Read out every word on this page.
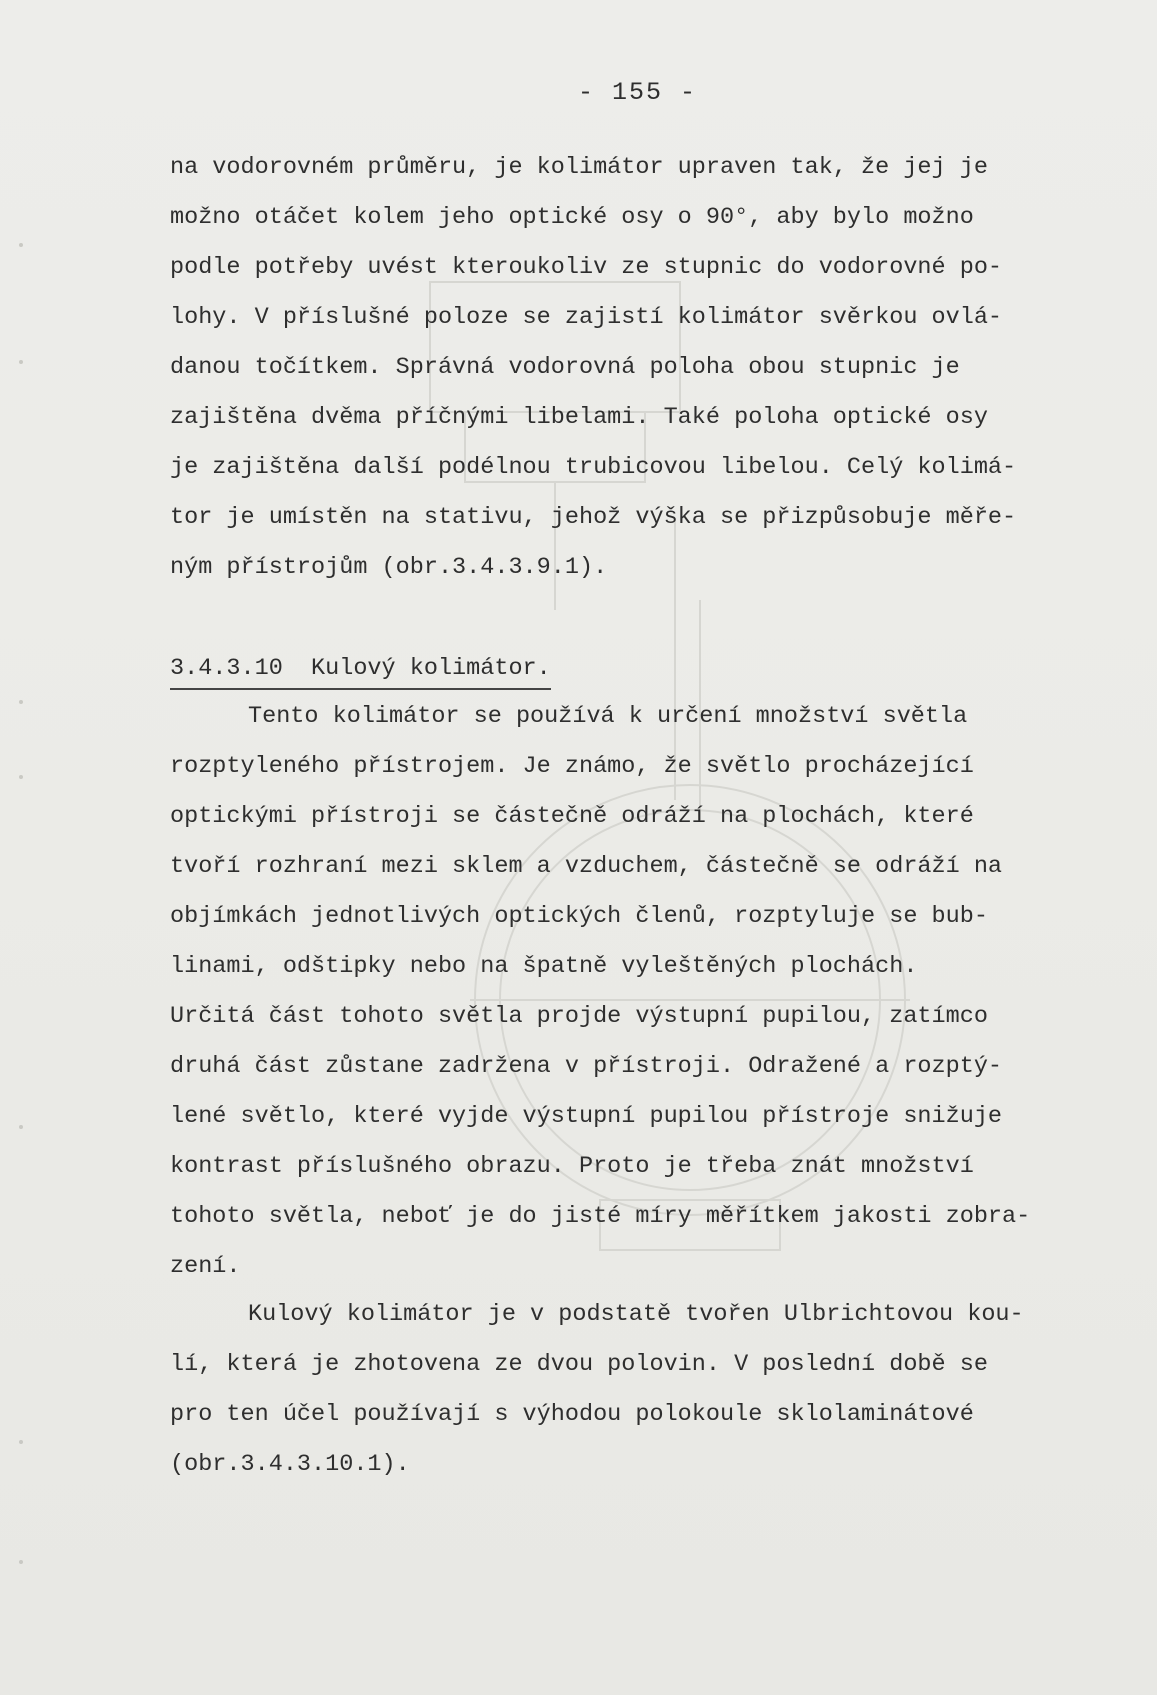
- 155 -
na vodorovném průměru, je kolimátor upraven tak, že jej je
možno otáčet kolem jeho optické osy o 90°, aby bylo možno
podle potřeby uvést kteroukoliv ze stupnic do vodorovné po-
lohy. V příslušné poloze se zajistí kolimátor svěrkou ovlá-
danou točítkem. Správná vodorovná poloha obou stupnic je
zajištěna dvěma příčnými libelami. Také poloha optické osy
je zajištěna další podélnou trubicovou libelou. Celý kolimá-
tor je umístěn na stativu, jehož výška se přizpůsobuje měře-
ným přístrojům (obr.3.4.3.9.1).
3.4.3.10  Kulový kolimátor.
Tento kolimátor se používá k určení množství světla
rozptyleného přístrojem. Je známo, že světlo procházející
optickými přístroji se částečně odráží na plochách, které
tvoří rozhraní mezi sklem a vzduchem, částečně se odráží na
objímkách jednotlivých optických členů, rozptyluje se bub-
linami, odštipky nebo na špatně vyleštěných plochách.
Určitá část tohoto světla projde výstupní pupilou, zatímco
druhá část zůstane zadržena v přístroji. Odražené a rozptý-
lené světlo, které vyjde výstupní pupilou přístroje snižuje
kontrast příslušného obrazu. Proto je třeba znát množství
tohoto světla, neboť je do jisté míry měřítkem jakosti zobra-
zení.
Kulový kolimátor je v podstatě tvořen Ulbrichtovou kou-
lí, která je zhotovena ze dvou polovin. V poslední době se
pro ten účel používají s výhodou polokoule sklolaminátové
(obr.3.4.3.10.1).
